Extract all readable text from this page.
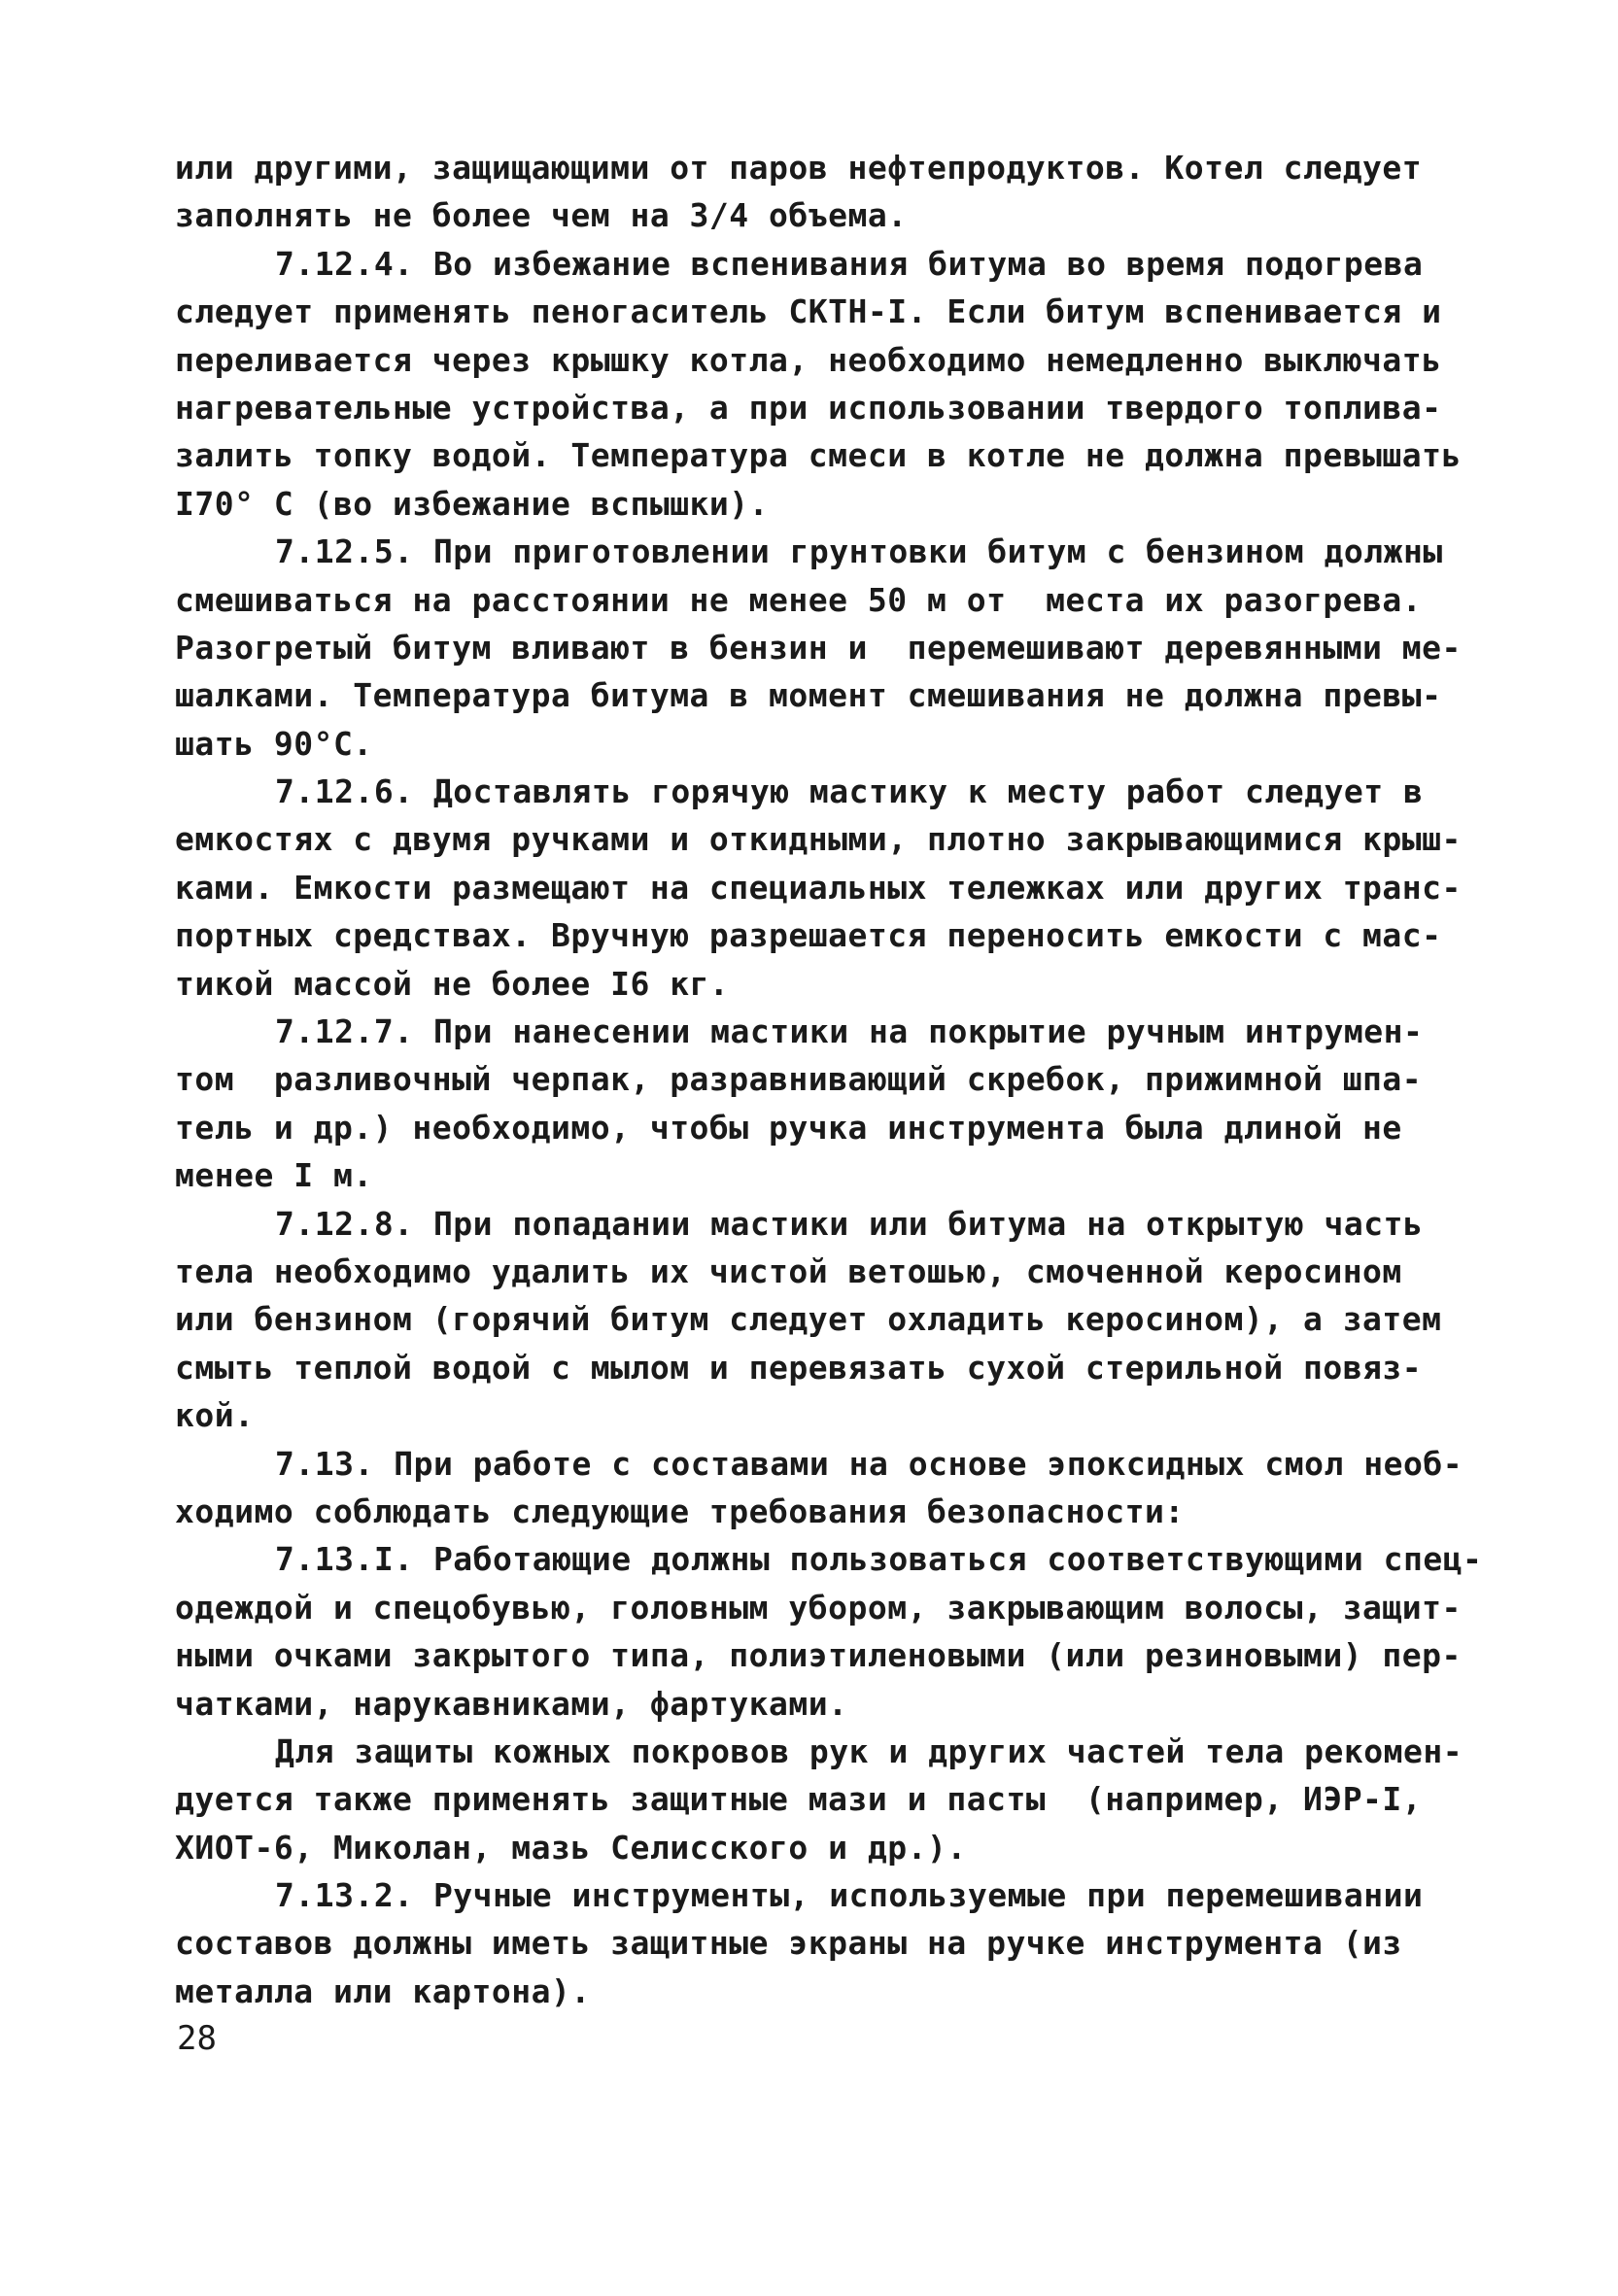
или другими, защищающими от паров нефтепродуктов. Котел следует
заполнять не более чем на 3/4 объема.
7.12.4. Во избежание вспенивания битума во время подогрева
следует применять пеногаситель СКТН-I. Если битум вспенивается и
переливается через крышку котла, необходимо немедленно выключать
нагревательные устройства, а при использовании твердого топлива-
залить топку водой. Температура смеси в котле не должна превышать
I70° С (во избежание вспышки).
7.12.5. При приготовлении грунтовки битум с бензином должны
смешиваться на расстоянии не менее 50 м от  места их разогрева.
Разогретый битум вливают в бензин и  перемешивают деревянными ме-
шалками. Температура битума в момент смешивания не должна превы-
шать 90°С.
7.12.6. Доставлять горячую мастику к месту работ следует в
емкостях с двумя ручками и откидными, плотно закрывающимися крыш-
ками. Емкости размещают на специальных тележках или других транс-
портных средствах. Вручную разрешается переносить емкости с мас-
тикой массой не более I6 кг.
7.12.7. При нанесении мастики на покрытие ручным интрумен-
том  разливочный черпак, разравнивающий скребок, прижимной шпа-
тель и др.) необходимо, чтобы ручка инструмента была длиной не
менее I м.
7.12.8. При попадании мастики или битума на открытую часть
тела необходимо удалить их чистой ветошью, смоченной керосином
или бензином (горячий битум следует охладить керосином), а затем
смыть теплой водой с мылом и перевязать сухой стерильной повяз-
кой.
7.13. При работе с составами на основе эпоксидных смол необ-
ходимо соблюдать следующие требования безопасности:
7.13.I. Работающие должны пользоваться соответствующими спец-
одеждой и спецобувью, головным убором, закрывающим волосы, защит-
ными очками закрытого типа, полиэтиленовыми (или резиновыми) пер-
чатками, нарукавниками, фартуками.
Для защиты кожных покровов рук и других частей тела рекомен-
дуется также применять защитные мази и пасты  (например, ИЭР-I,
ХИОТ-6, Миколан, мазь Селисского и др.).
7.13.2. Ручные инструменты, используемые при перемешивании
составов должны иметь защитные экраны на ручке инструмента (из
металла или картона).
28
